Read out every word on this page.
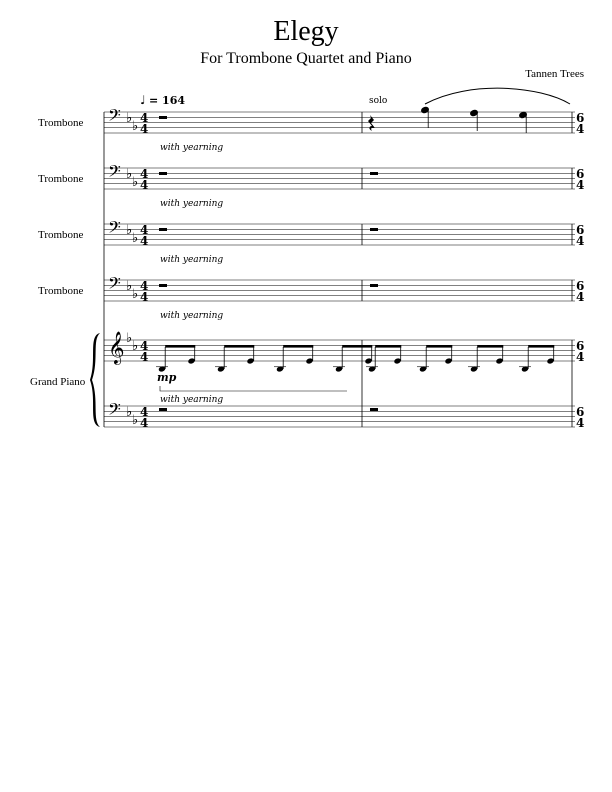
Elegy
For Trombone Quartet and Piano
Tannen Trees
♩ = 164	solo
Trombone
Trombone
Trombone
Trombone
Grand Piano
𝄢 ♭
♭
4
4
6
4
𝄢 ♭
♭
4
4
6
4
𝄢 ♭
♭
4
4
6
4
𝄢 ♭
♭
4
4
6
4
𝄞 ♭
♭ 4
4
6
4
𝄢 ♭
♭
4
4
6
4
with yearning
with yearning
with yearning
with yearning
with yearning
mp
